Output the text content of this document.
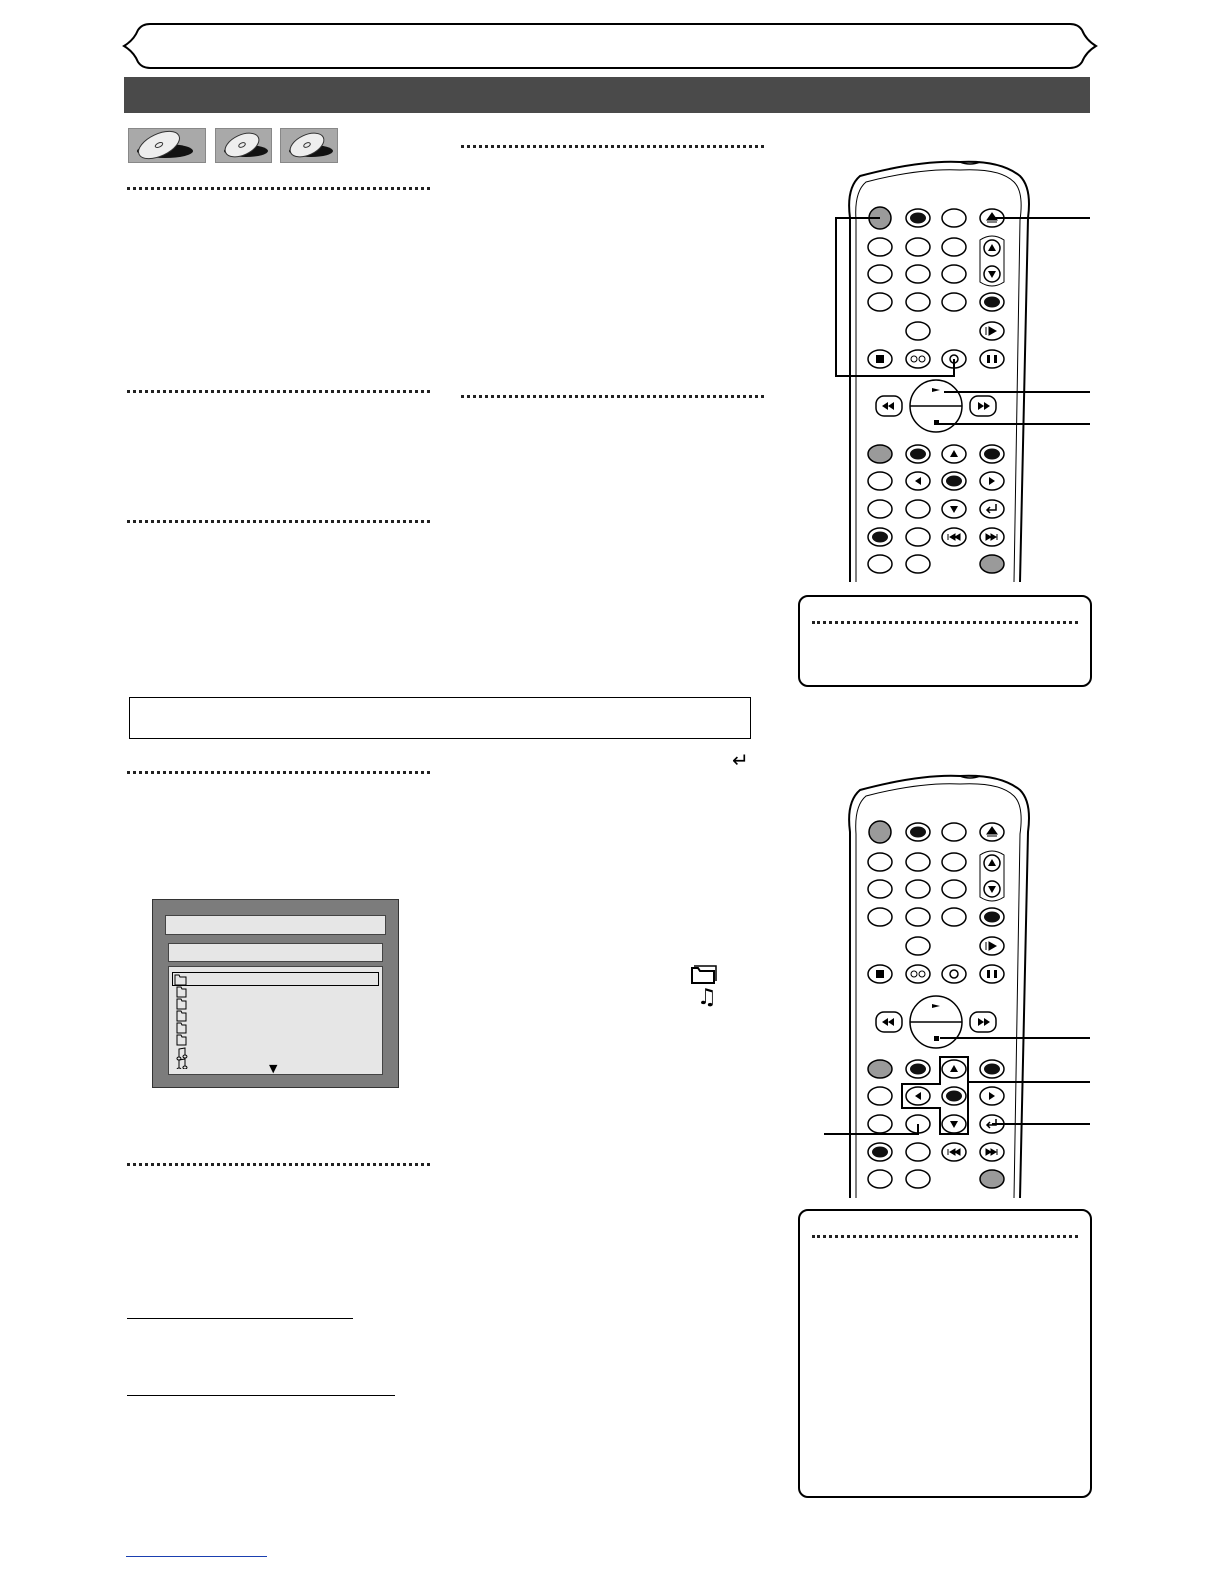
↵
▼
♫
